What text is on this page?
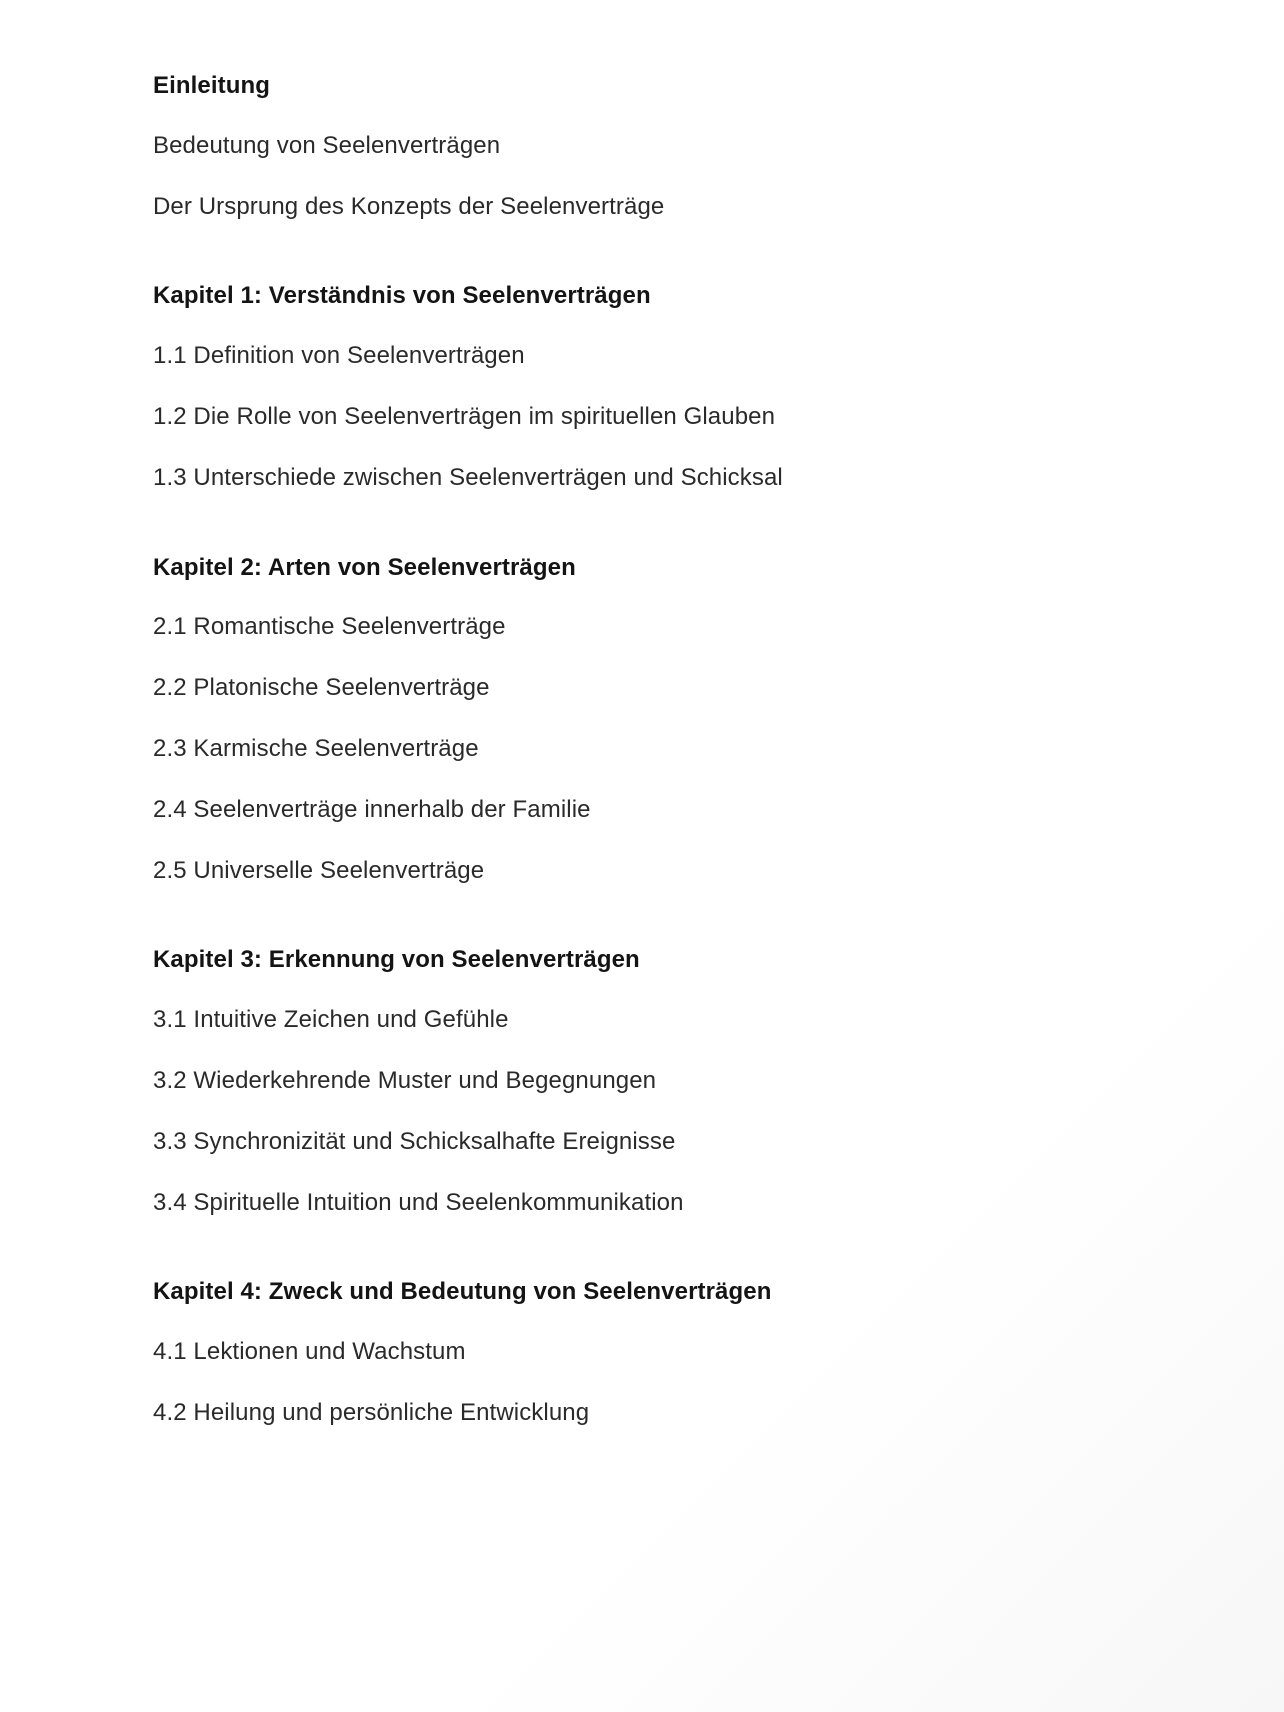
Einleitung
Bedeutung von Seelenverträgen
Der Ursprung des Konzepts der Seelenverträge
Kapitel 1: Verständnis von Seelenverträgen
1.1 Definition von Seelenverträgen
1.2 Die Rolle von Seelenverträgen im spirituellen Glauben
1.3 Unterschiede zwischen Seelenverträgen und Schicksal
Kapitel 2: Arten von Seelenverträgen
2.1 Romantische Seelenverträge
2.2 Platonische Seelenverträge
2.3 Karmische Seelenverträge
2.4 Seelenverträge innerhalb der Familie
2.5 Universelle Seelenverträge
Kapitel 3: Erkennung von Seelenverträgen
3.1 Intuitive Zeichen und Gefühle
3.2 Wiederkehrende Muster und Begegnungen
3.3 Synchronizität und Schicksalhafte Ereignisse
3.4 Spirituelle Intuition und Seelenkommunikation
Kapitel 4: Zweck und Bedeutung von Seelenverträgen
4.1 Lektionen und Wachstum
4.2 Heilung und persönliche Entwicklung
